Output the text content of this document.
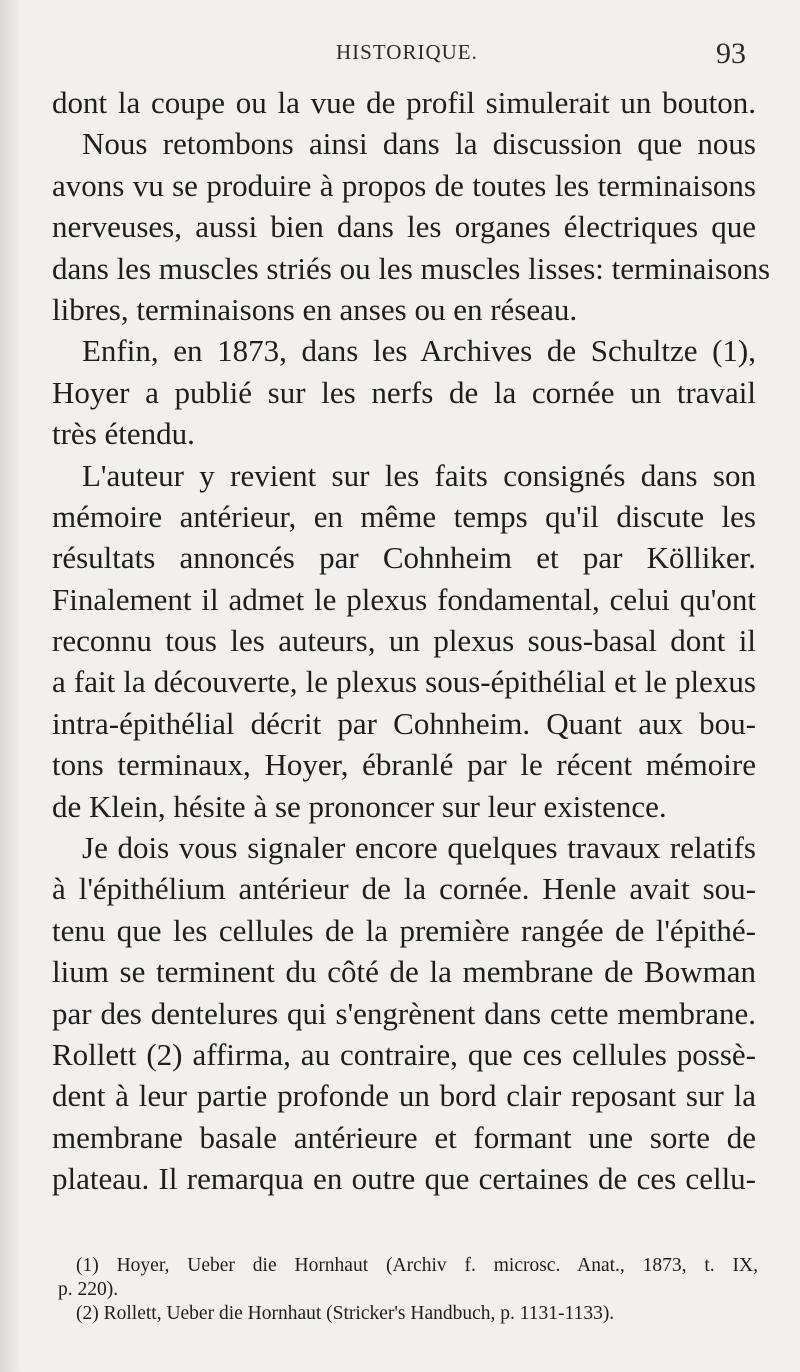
HISTORIQUE.	93
dont la coupe ou la vue de profil simulerait un bouton.
Nous retombons ainsi dans la discussion que nous
avons vu se produire à propos de toutes les terminaisons
nerveuses, aussi bien dans les organes électriques que
dans les muscles striés ou les muscles lisses: terminaisons
libres, terminaisons en anses ou en réseau.
Enfin, en 1873, dans les Archives de Schultze (1),
Hoyer a publié sur les nerfs de la cornée un travail
très étendu.
L'auteur y revient sur les faits consignés dans son
mémoire antérieur, en même temps qu'il discute les
résultats annoncés par Cohnheim et par Kölliker.
Finalement il admet le plexus fondamental, celui qu'ont
reconnu tous les auteurs, un plexus sous-basal dont il
a fait la découverte, le plexus sous-épithélial et le plexus
intra-épithélial décrit par Cohnheim. Quant aux bou-
tons terminaux, Hoyer, ébranlé par le récent mémoire
de Klein, hésite à se prononcer sur leur existence.
Je dois vous signaler encore quelques travaux relatifs
à l'épithélium antérieur de la cornée. Henle avait sou-
tenu que les cellules de la première rangée de l'épithé-
lium se terminent du côté de la membrane de Bowman
par des dentelures qui s'engrènent dans cette membrane.
Rollett (2) affirma, au contraire, que ces cellules possè-
dent à leur partie profonde un bord clair reposant sur la
membrane basale antérieure et formant une sorte de
plateau. Il remarqua en outre que certaines de ces cellu-
(1) Hoyer, Ueber die Hornhaut (Archiv f. microsc. Anat., 1873, t. IX,
p. 220).
(2) Rollett, Ueber die Hornhaut (Stricker's Handbuch, p. 1131-1133).
